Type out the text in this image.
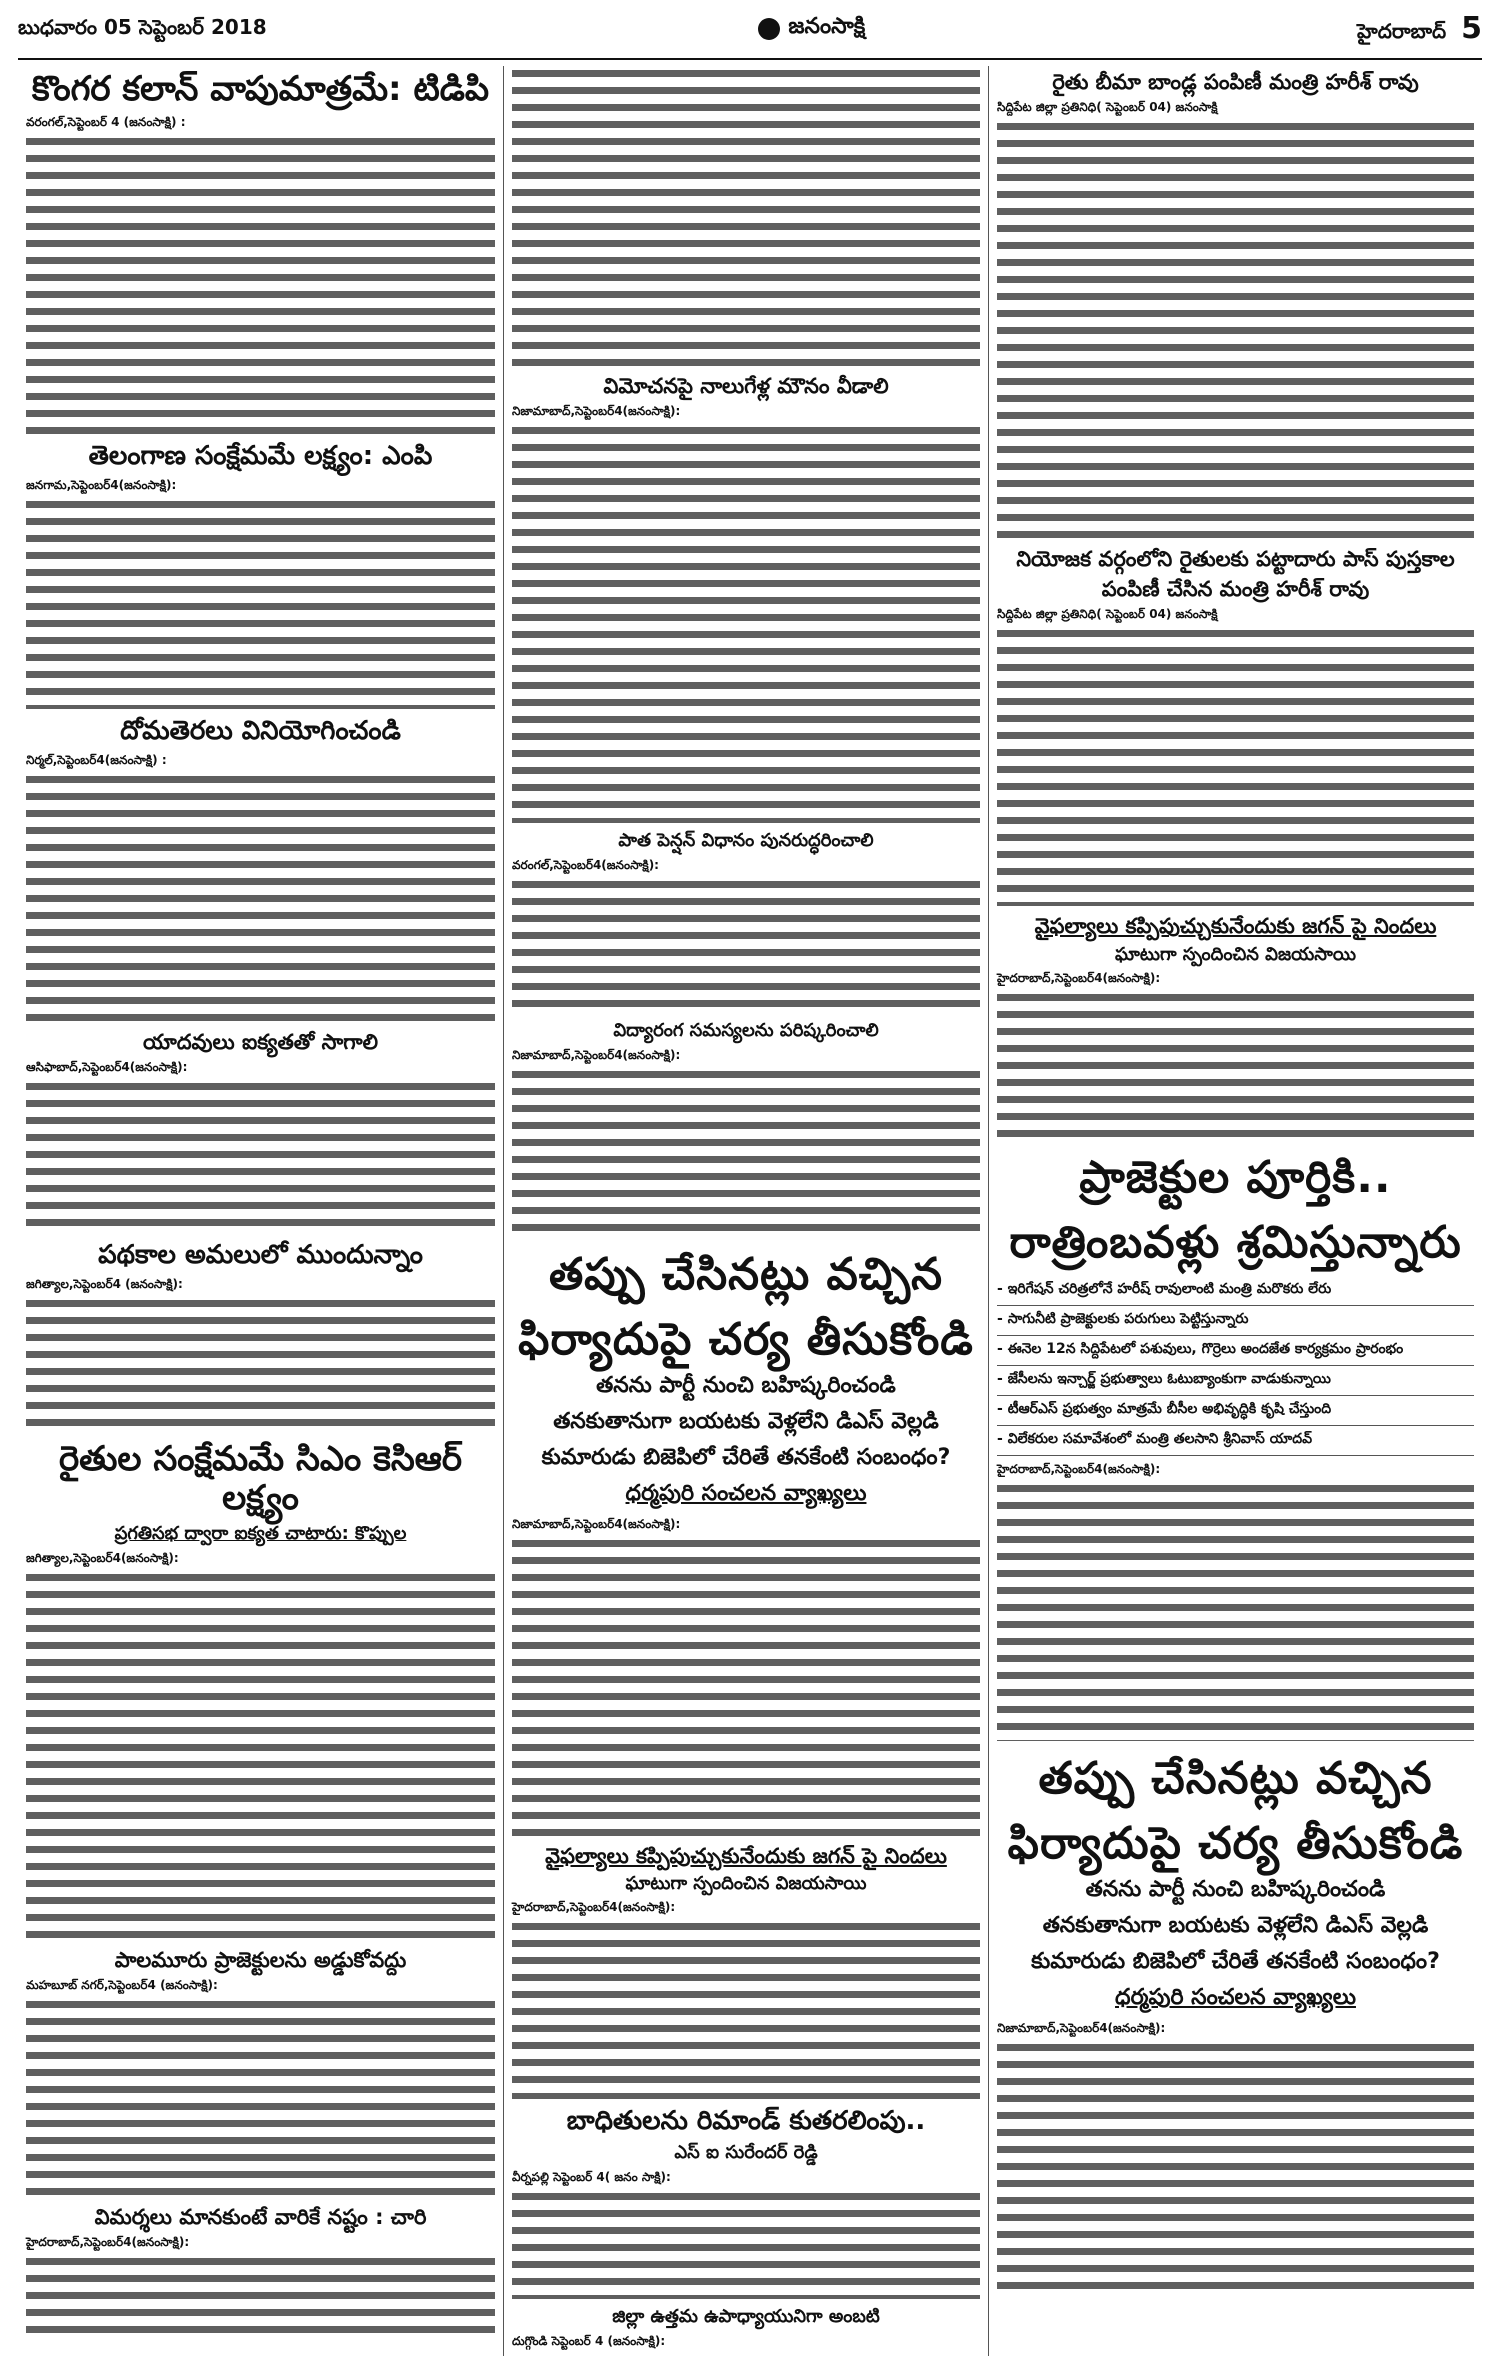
బుధవారం 05 సెప్టెంబర్ 2018	జనంసాక్షి	హైదరాబాద్ 5
కొంగర కలాన్ వాపుమాత్రమే: టిడిపి
వరంగల్,సెప్టెంబర్ 4 (జనంసాక్షి) :
తెలంగాణ సంక్షేమమే లక్ష్యం: ఎంపి
జనగామ,సెప్టెంబర్4(జనంసాక్షి):
దోమతెరలు వినియోగించండి
నిర్మల్,సెప్టెంబర్4(జనంసాక్షి) :
యాదవులు ఐక్యతతో సాగాలి
ఆసిఫాబాద్,సెప్టెంబర్4(జనంసాక్షి):
పథకాల అమలులో ముందున్నాం
జగిత్యాల,సెప్టెంబర్4 (జనంసాక్షి):
రైతుల సంక్షేమమే సిఎం కెసిఆర్ లక్ష్యం
ప్రగతిసభ ద్వారా ఐక్యత చాటారు: కొప్పుల
జగిత్యాల,సెప్టెంబర్4(జనంసాక్షి):
పాలమూరు ప్రాజెక్టులను అడ్డుకోవద్దు
మహబూబ్ నగర్,సెప్టెంబర్4 (జనంసాక్షి):
విమర్శలు మానకుంటే వారికే నష్టం : చారి
హైదరాబాద్,సెప్టెంబర్4(జనంసాక్షి):
విమోచనపై నాలుగేళ్ల మౌనం వీడాలి
నిజామాబాద్,సెప్టెంబర్4(జనంసాక్షి):
పాత పెన్షన్ విధానం పునరుద్ధరించాలి
వరంగల్,సెప్టెంబర్4(జనంసాక్షి):
విద్యారంగ సమస్యలను పరిష్కరించాలి
నిజామాబాద్,సెప్టెంబర్4(జనంసాక్షి):
తప్పు చేసినట్లు వచ్చిన
ఫిర్యాదుపై చర్య తీసుకోండి
తనను పార్టీ నుంచి బహిష్కరించండి
తనకుతానుగా బయటకు వెళ్లలేని డిఎస్ వెల్లడి
కుమారుడు బిజెపిలో చేరితే తనకేంటి సంబంధం?
ధర్మపురి సంచలన వ్యాఖ్యలు
నిజామాబాద్,సెప్టెంబర్4(జనంసాక్షి):
వైఫల్యాలు కప్పిపుచ్చుకునేందుకు జగన్ పై నిందలు
ఘాటుగా స్పందించిన విజయసాయి
హైదరాబాద్,సెప్టెంబర్4(జనంసాక్షి):
బాధితులను రిమాండ్ కుతరలింపు..
ఎస్ ఐ సురేందర్ రెడ్డి
వీర్నపల్లి సెప్టెంబర్ 4( జనం సాక్షి):
జిల్లా ఉత్తమ ఉపాధ్యాయునిగా అంబటి
దుగ్గొండి సెప్టెంబర్ 4 (జనంసాక్షి):
రైతు బీమా బాండ్ల పంపిణీ మంత్రి హరీశ్ రావు
సిద్దిపేట జిల్లా ప్రతినిధి( సెప్టెంబర్ 04) జనంసాక్షి
నియోజక వర్గంలోని రైతులకు పట్టాదారు పాస్ పుస్తకాల
పంపిణీ చేసిన మంత్రి హరీశ్ రావు
సిద్దిపేట జిల్లా ప్రతినిధి( సెప్టెంబర్ 04) జనంసాక్షి
వైఫల్యాలు కప్పిపుచ్చుకునేందుకు జగన్ పై నిందలు
ఘాటుగా స్పందించిన విజయసాయి
హైదరాబాద్,సెప్టెంబర్4(జనంసాక్షి):
ప్రాజెక్టుల పూర్తికి..
రాత్రింబవళ్లు శ్రమిస్తున్నారు
- ఇరిగేషన్ చరిత్రలోనే హరీష్ రావులాంటి మంత్రి మరొకరు లేరు
- సాగునీటి ప్రాజెక్టులకు పరుగులు పెట్టిస్తున్నారు
- ఈనెల 12న సిద్దిపేటలో పశువులు, గొర్రెలు అందజేత కార్యక్రమం ప్రారంభం
- జేసీలను ఇన్చార్జ్ ప్రభుత్వాలు ఓటుబ్యాంకుగా వాడుకున్నాయి
- టీఆర్ఎస్ ప్రభుత్వం మాత్రమే బీసీల అభివృద్ధికి కృషి చేస్తుంది
- విలేకరుల సమావేశంలో మంత్రి తలసాని శ్రీనివాస్ యాదవ్
హైదరాబాద్,సెప్టెంబర్4(జనంసాక్షి):
తప్పు చేసినట్లు వచ్చిన
ఫిర్యాదుపై చర్య తీసుకోండి
తనను పార్టీ నుంచి బహిష్కరించండి
తనకుతానుగా బయటకు వెళ్లలేని డిఎస్ వెల్లడి
కుమారుడు బిజెపిలో చేరితే తనకేంటి సంబంధం?
ధర్మపురి సంచలన వ్యాఖ్యలు
నిజామాబాద్,సెప్టెంబర్4(జనంసాక్షి):
